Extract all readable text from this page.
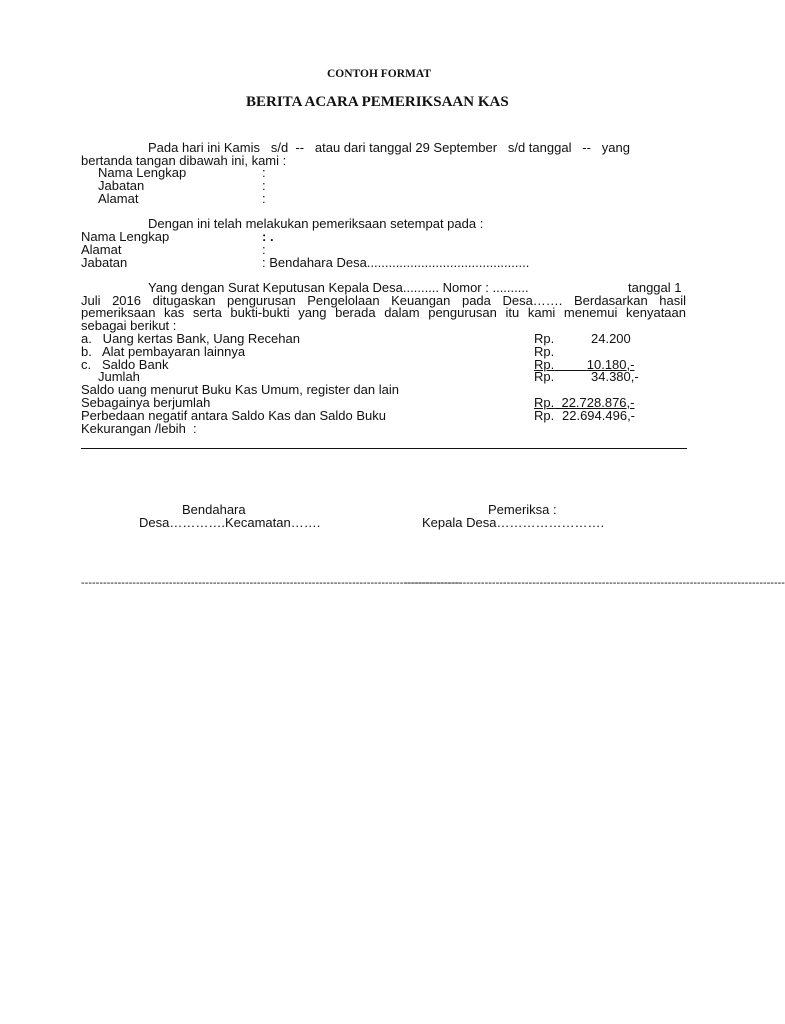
CONTOH FORMAT
BERITA ACARA PEMERIKSAAN KAS
Pada hari ini Kamis   s/d  --   atau dari tanggal 29 September   s/d tanggal   --   yang
bertanda tangan dibawah ini, kami :
Nama Lengkap	:
Jabatan	:
Alamat	:
Dengan ini telah melakukan pemeriksaan setempat pada :
Nama Lengkap	: .
Alamat	:
Jabatan	: Bendahara Desa.............................................
Yang dengan Surat Keputusan Kepala Desa.......... Nomor : ..........	tanggal 1
Juli 2016 ditugaskan pengurusan Pengelolaan Keuangan pada Desa……. Berdasarkan hasil
pemeriksaan kas serta bukti-bukti yang berada dalam pengurusan itu kami menemui kenyataan
sebagai berikut :
a.   Uang kertas Bank, Uang Recehan	Rp.	24.200
b.   Alat pembayaran lainnya	Rp.
c.   Saldo Bank	Rp.	10.180,-
Jumlah	Rp.	34.380,-
Saldo uang menurut Buku Kas Umum, register dan lain
Sebagainya berjumlah	Rp. 22.728.876,-
Perbedaan negatif antara Saldo Kas dan Saldo Buku	Rp. 22.694.496,-
Kekurangan /lebih  :
Bendahara
Desa………….Kecamatan…….
Pemeriksa :
Kepala Desa…………………….
--------------------------------------------------------------------------------------------------------
--------------------------------------------------------------------------------------------------------
